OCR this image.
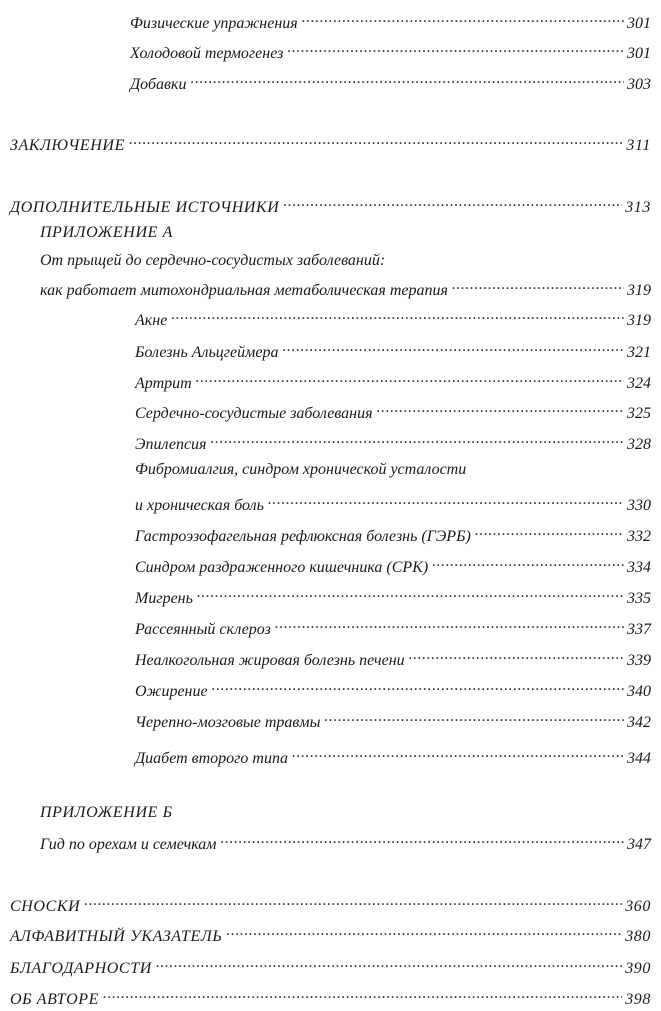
Физические упражнения .....	301
Холодовой термогенез .....	301
Добавки .....	303
ЗАКЛЮЧЕНИЕ .....	311
ДОПОЛНИТЕЛЬНЫЕ ИСТОЧНИКИ .....	313
ПРИЛОЖЕНИЕ А
От прыщей до сердечно-сосудистых заболеваний:
как работает митохондриальная метаболическая терапия .....	319
Акне .....	319
Болезнь Альцгеймера .....	321
Артрит .....	324
Сердечно-сосудистые заболевания .....	325
Эпилепсия .....	328
Фибромиалгия, синдром хронической усталости
и хроническая боль .....	330
Гастроэзофагельная рефлюксная болезнь (ГЭРБ) .....	332
Синдром раздраженного кишечника (СРК) .....	334
Мигрень .....	335
Рассеянный склероз .....	337
Неалкогольная жировая болезнь печени .....	339
Ожирение .....	340
Черепно-мозговые травмы .....	342
Диабет второго типа .....	344
ПРИЛОЖЕНИЕ Б
Гид по орехам и семечкам .....	347
СНОСКИ .....	360
АЛФАВИТНЫЙ УКАЗАТЕЛЬ .....	380
БЛАГОДАРНОСТИ .....	390
ОБ АВТОРЕ .....	398
